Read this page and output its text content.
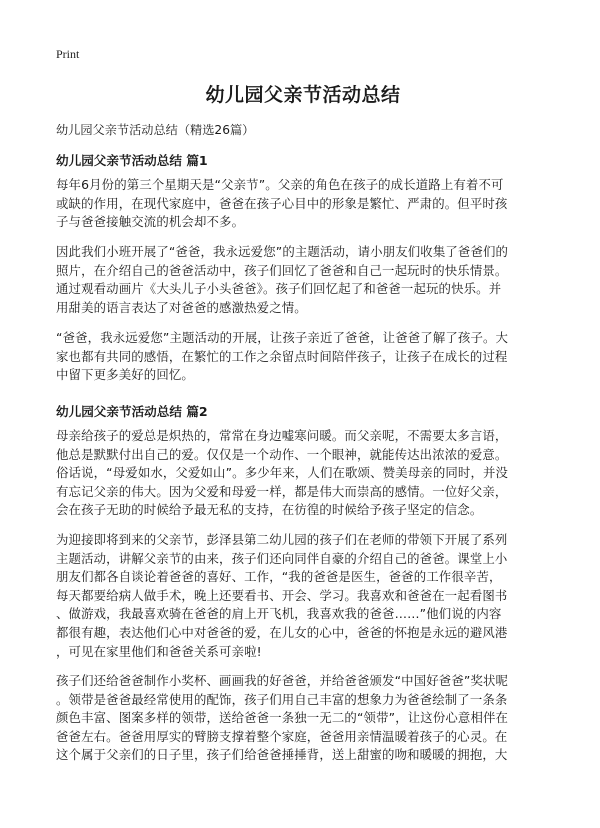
Print
幼儿园父亲节活动总结

幼儿园父亲节活动总结（精选26篇）

幼儿园父亲节活动总结 篇1
每年6月份的第三个星期天是“父亲节”。父亲的角色在孩子的成长道路上有着不可
或缺的作用，在现代家庭中，爸爸在孩子心目中的形象是繁忙、严肃的。但平时孩
子与爸爸接触交流的机会却不多。
因此我们小班开展了“爸爸，我永远爱您”的主题活动，请小朋友们收集了爸爸们的
照片，在介绍自己的爸爸活动中，孩子们回忆了爸爸和自己一起玩时的快乐情景。
通过观看动画片《大头儿子小头爸爸》。孩子们回忆起了和爸爸一起玩的快乐。并
用甜美的语言表达了对爸爸的感激热爱之情。
“爸爸，我永远爱您”主题活动的开展，让孩子亲近了爸爸，让爸爸了解了孩子。大
家也都有共同的感悟，在繁忙的工作之余留点时间陪伴孩子，让孩子在成长的过程
中留下更多美好的回忆。
幼儿园父亲节活动总结 篇2
母亲给孩子的爱总是炽热的，常常在身边嘘寒问暖。而父亲呢，不需要太多言语，
他总是默默付出自己的爱。仅仅是一个动作、一个眼神，就能传达出浓浓的爱意。
俗话说，“母爱如水，父爱如山”。多少年来，人们在歌颂、赞美母亲的同时，并没
有忘记父亲的伟大。因为父爱和母爱一样，都是伟大而崇高的感情。一位好父亲，
会在孩子无助的时候给予最无私的支持，在彷徨的时候给予孩子坚定的信念。
为迎接即将到来的父亲节，彭泽县第二幼儿园的孩子们在老师的带领下开展了系列
主题活动，讲解父亲节的由来，孩子们还向同伴自豪的介绍自己的爸爸。课堂上小
朋友们都各自谈论着爸爸的喜好、工作，“我的爸爸是医生，爸爸的工作很辛苦，
每天都要给病人做手术，晚上还要看书、开会、学习。我喜欢和爸爸在一起看图书
、做游戏，我最喜欢骑在爸爸的肩上开飞机，我喜欢我的爸爸……”他们说的内容
都很有趣，表达他们心中对爸爸的爱，在儿女的心中，爸爸的怀抱是永远的避风港
，可见在家里他们和爸爸关系可亲啦!
孩子们还给爸爸制作小奖杯、画画我的好爸爸，并给爸爸颁发“中国好爸爸”奖状呢
。领带是爸爸最经常使用的配饰，孩子们用自己丰富的想象力为爸爸绘制了一条条
颜色丰富、图案多样的领带，送给爸爸一条独一无二的“领带”，让这份心意相伴在
爸爸左右。爸爸用厚实的臂膀支撑着整个家庭，爸爸用亲情温暖着孩子的心灵。在
这个属于父亲们的日子里，孩子们给爸爸捶捶背，送上甜蜜的吻和暖暖的拥抱，大
